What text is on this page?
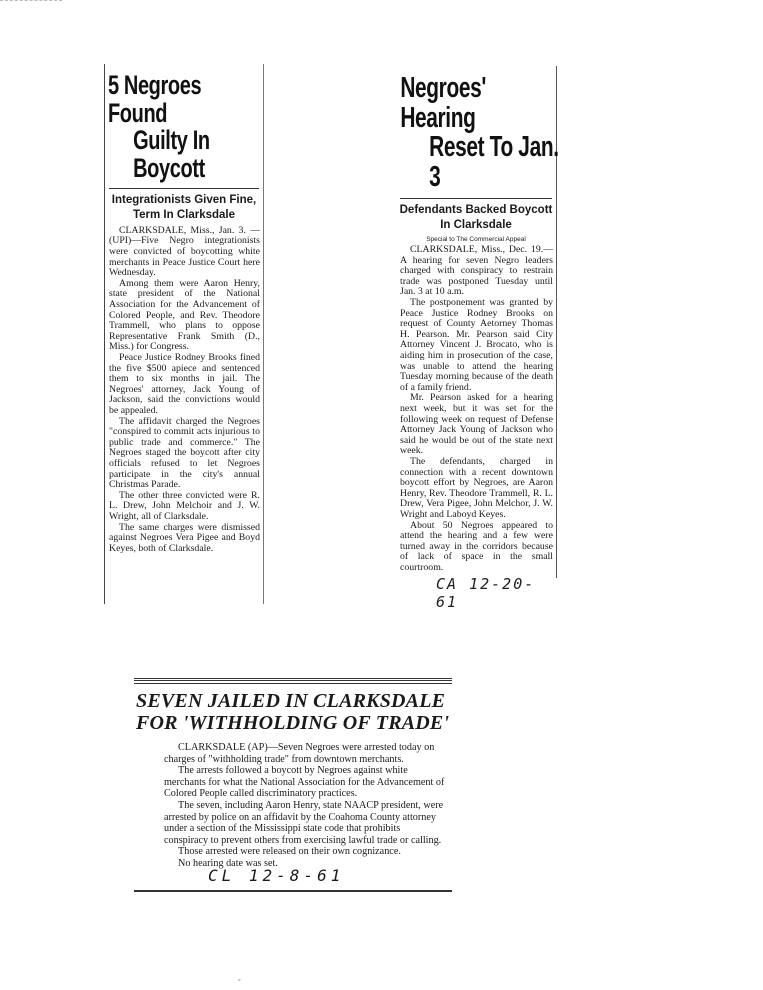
5 Negroes Found
Guilty In Boycott
Integrationists Given Fine,
Term In Clarksdale

CLARKSDALE, Miss., Jan. 3. —(UPI)—Five Negro integrationists were convicted of boycotting white merchants in Peace Justice Court here Wednesday.

Among them were Aaron Henry, state president of the National Association for the Advancement of Colored People, and Rev. Theodore Trammell, who plans to oppose Representative Frank Smith (D., Miss.) for Congress.

Peace Justice Rodney Brooks fined the five $500 apiece and sentenced them to six months in jail. The Negroes' attorney, Jack Young of Jackson, said the convictions would be appealed.

The affidavit charged the Negroes "conspired to commit acts injurious to public trade and commerce." The Negroes staged the boycott after city officials refused to let Negroes participate in the city's annual Christmas Parade.

The other three convicted were R. L. Drew, John Melchoir and J. W. Wright, all of Clarksdale.

The same charges were dismissed against Negroes Vera Pigee and Boyd Keyes, both of Clarksdale.

Negroes' Hearing
Reset To Jan. 3
Defendants Backed Boycott
In Clarksdale
Special to The Commercial Appeal

CLARKSDALE, Miss., Dec. 19.—A hearing for seven Negro leaders charged with conspiracy to restrain trade was postponed Tuesday until Jan. 3 at 10 a.m.

The postponement was granted by Peace Justice Rodney Brooks on request of County Aetorney Thomas H. Pearson. Mr. Pearson said City Attorney Vincent J. Brocato, who is aiding him in prosecution of the case, was unable to attend the hearing Tuesday morning because of the death of a family friend.

Mr. Pearson asked for a hearing next week, but it was set for the following week on request of Defense Attorney Jack Young of Jackson who said he would be out of the state next week.

The defendants, charged in connection with a recent downtown boycott effort by Negroes, are Aaron Henry, Rev. Theodore Trammell, R. L. Drew, Vera Pigee, John Melchor, J. W. Wright and Laboyd Keyes.

About 50 Negroes appeared to attend the hearing and a few were turned away in the corridors because of lack of space in the small courtroom.

CA 12-20-61
SEVEN JAILED IN CLARKSDALE
FOR 'WITHHOLDING OF TRADE'

CLARKSDALE (AP)—Seven Negroes were arrested today on charges of "withholding trade" from downtown merchants.

The arrests followed a boycott by Negroes against white merchants for what the National Association for the Advancement of Colored People called discriminatory practices.

The seven, including Aaron Henry, state NAACP president, were arrested by police on an affidavit by the Coahoma County attorney under a section of the Mississippi state code that prohibits conspiracy to prevent others from exercising lawful trade or calling.

Those arrested were released on their own cognizance.

No hearing date was set.CL 12-8-61

ˇ
